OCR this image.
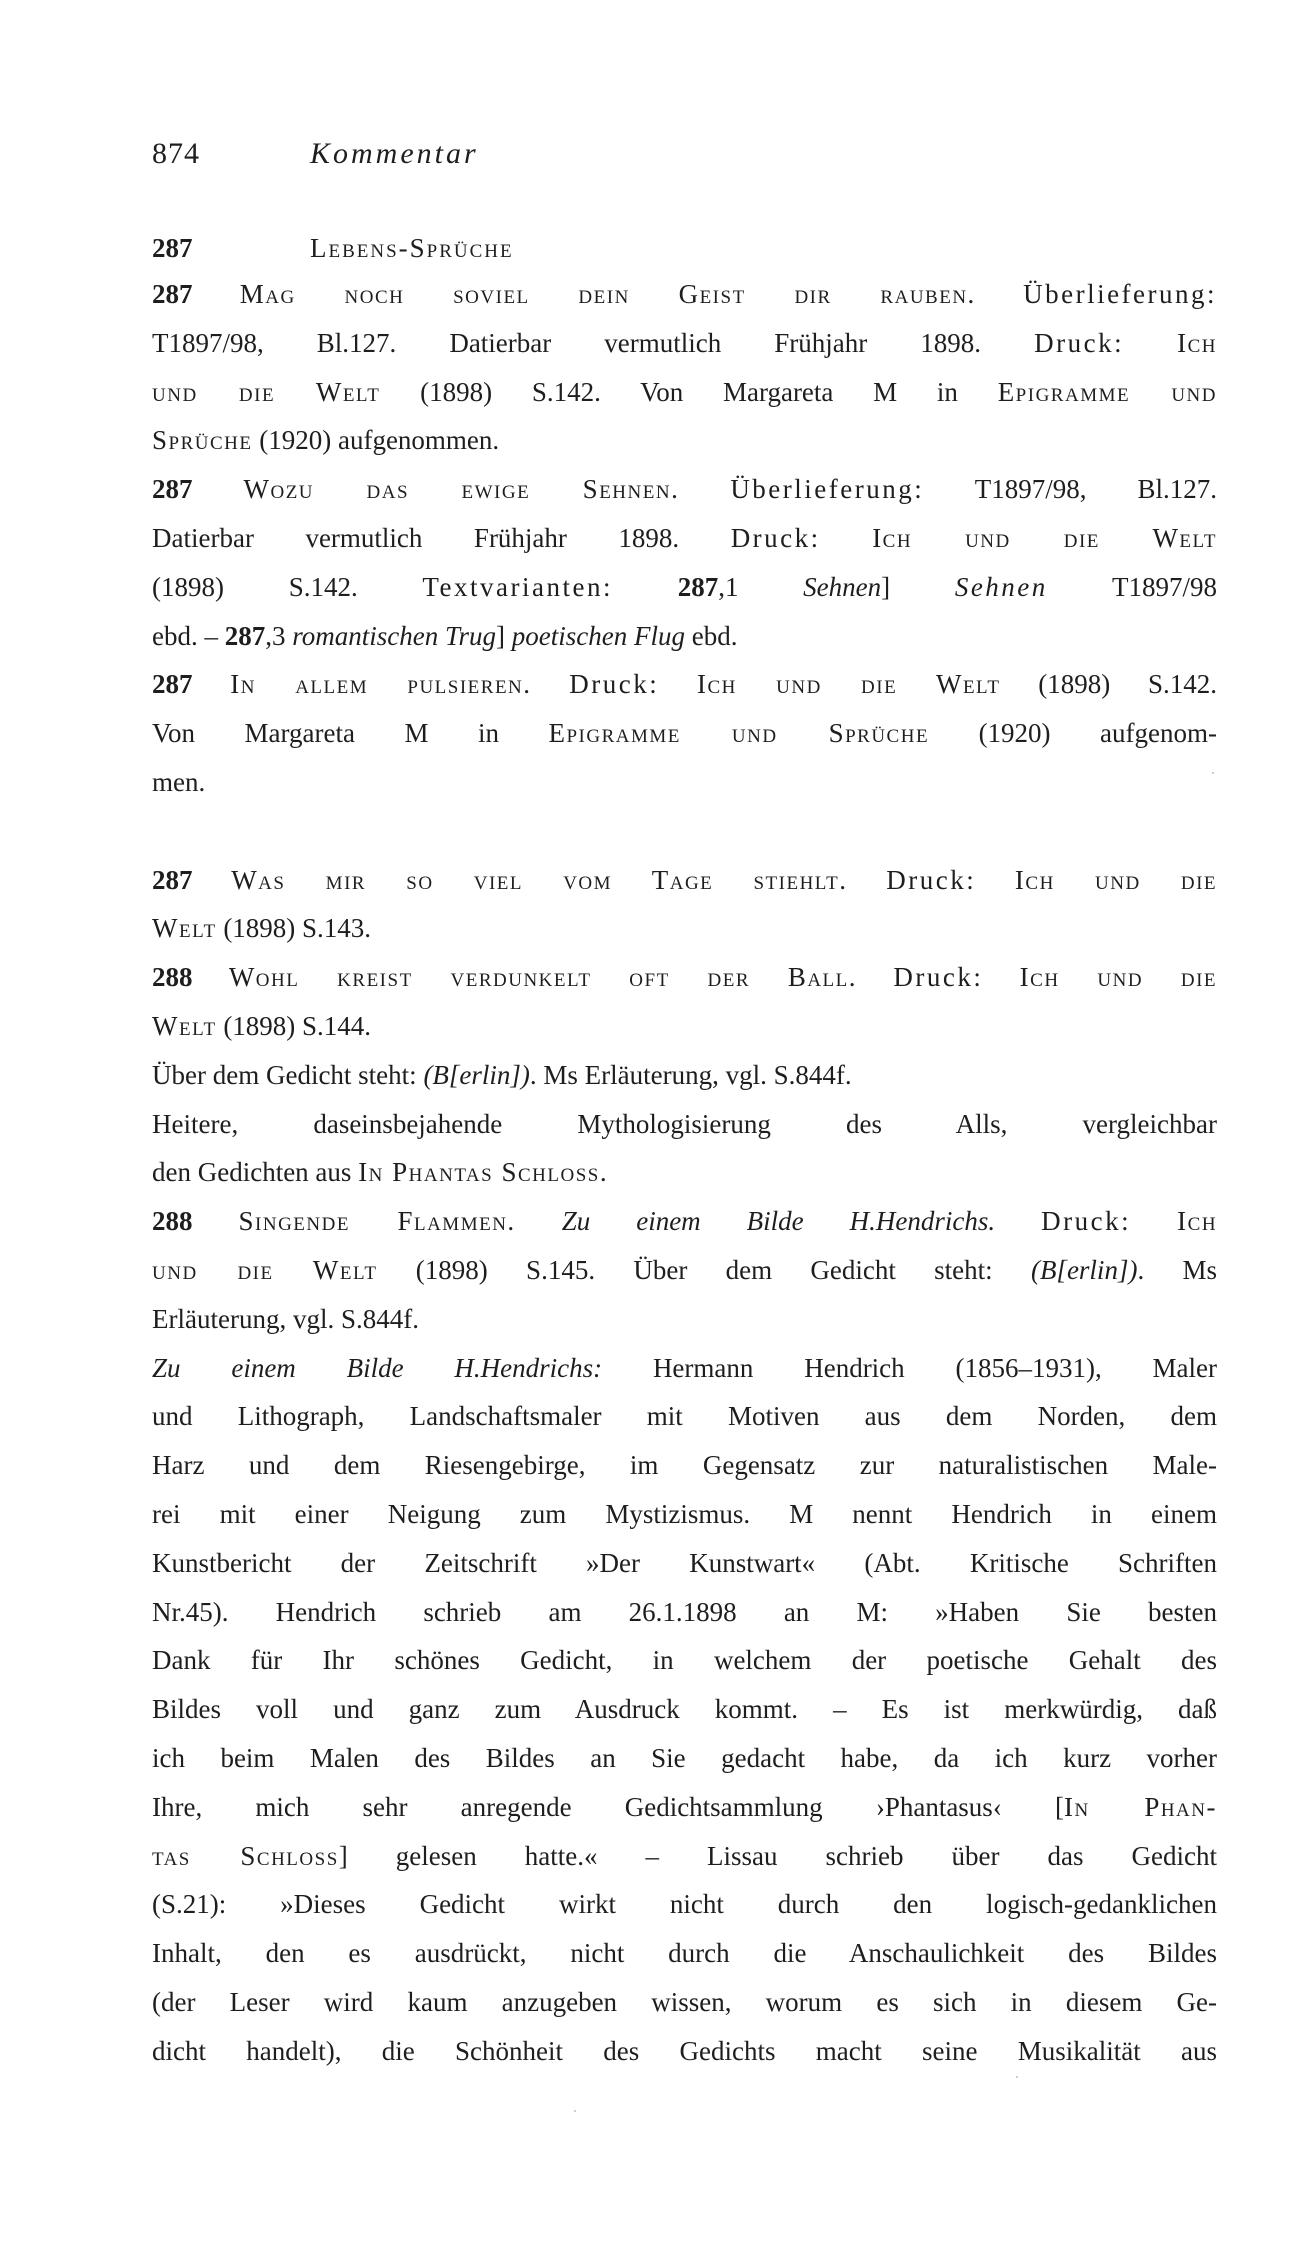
874	Kommentar
287	Lebens-Sprüche
287 Mag noch soviel dein Geist dir rauben. Überlieferung:
T1897/98, Bl.127. Datierbar vermutlich Frühjahr 1898. Druck: Ich
und die Welt (1898) S.142. Von Margareta M in Epigramme und
Sprüche (1920) aufgenommen.
287 Wozu das ewige Sehnen. Überlieferung: T1897/98, Bl.127.
Datierbar vermutlich Frühjahr 1898. Druck: Ich und die Welt
(1898) S.142. Textvarianten: 287,1 Sehnen] Sehnen T1897/98
ebd. – 287,3 romantischen Trug] poetischen Flug ebd.
287 In allem pulsieren. Druck: Ich und die Welt (1898) S.142.
Von Margareta M in Epigramme und Sprüche (1920) aufgenom-
men.
287 Was mir so viel vom Tage stiehlt. Druck: Ich und die
Welt (1898) S.143.
288 Wohl kreist verdunkelt oft der Ball. Druck: Ich und die
Welt (1898) S.144.
Über dem Gedicht steht: (B[erlin]). Ms Erläuterung, vgl. S.844f.
Heitere, daseinsbejahende Mythologisierung des Alls, vergleichbar
den Gedichten aus In Phantas Schloss.
288 Singende Flammen. Zu einem Bilde H.Hendrichs. Druck: Ich
und die Welt (1898) S.145. Über dem Gedicht steht: (B[erlin]). Ms
Erläuterung, vgl. S.844f.
Zu einem Bilde H.Hendrichs: Hermann Hendrich (1856–1931), Maler
und Lithograph, Landschaftsmaler mit Motiven aus dem Norden, dem
Harz und dem Riesengebirge, im Gegensatz zur naturalistischen Male-
rei mit einer Neigung zum Mystizismus. M nennt Hendrich in einem
Kunstbericht der Zeitschrift »Der Kunstwart« (Abt. Kritische Schriften
Nr.45). Hendrich schrieb am 26.1.1898 an M: »Haben Sie besten
Dank für Ihr schönes Gedicht, in welchem der poetische Gehalt des
Bildes voll und ganz zum Ausdruck kommt. – Es ist merkwürdig, daß
ich beim Malen des Bildes an Sie gedacht habe, da ich kurz vorher
Ihre, mich sehr anregende Gedichtsammlung ›Phantasus‹ [In Phan-
tas Schloss] gelesen hatte.« – Lissau schrieb über das Gedicht
(S.21): »Dieses Gedicht wirkt nicht durch den logisch-gedanklichen
Inhalt, den es ausdrückt, nicht durch die Anschaulichkeit des Bildes
(der Leser wird kaum anzugeben wissen, worum es sich in diesem Ge-
dicht handelt), die Schönheit des Gedichts macht seine Musikalität aus
